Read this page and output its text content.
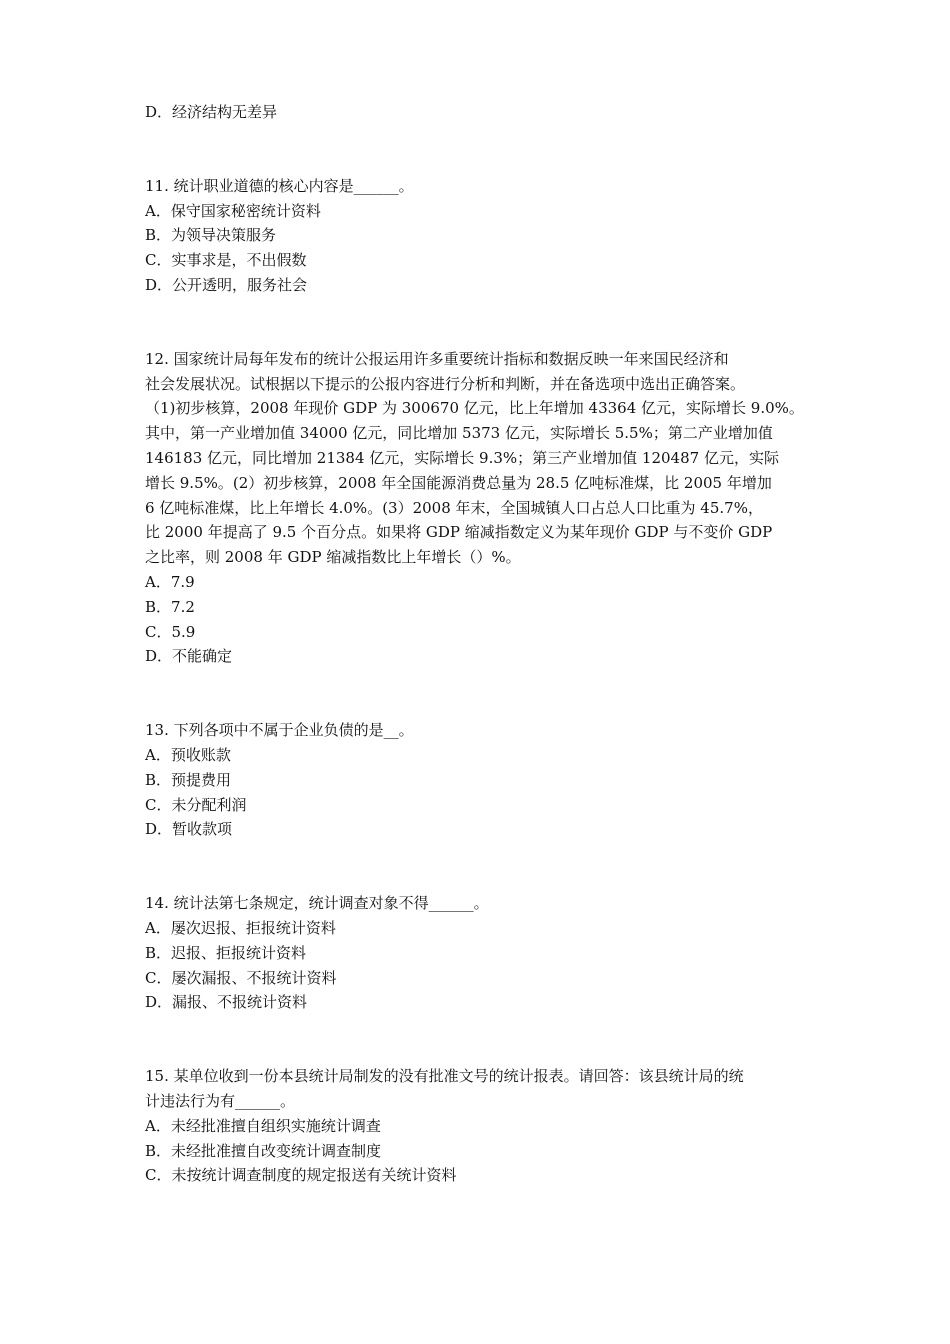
D．经济结构无差异
11. 统计职业道德的核心内容是______。
A．保守国家秘密统计资料
B．为领导决策服务
C．实事求是，不出假数
D．公开透明，服务社会
12. 国家统计局每年发布的统计公报运用许多重要统计指标和数据反映一年来国民经济和
社会发展状况。试根据以下提示的公报内容进行分析和判断，并在备选项中选出正确答案。
（1)初步核算，2008 年现价 GDP 为 300670 亿元，比上年增加 43364 亿元，实际增长 9.0%。
其中，第一产业增加值 34000 亿元，同比增加 5373 亿元，实际增长 5.5%；第二产业增加值
146183 亿元，同比增加 21384 亿元，实际增长 9.3%；第三产业增加值 120487 亿元，实际
增长 9.5%。(2）初步核算，2008 年全国能源消费总量为 28.5 亿吨标准煤，比 2005 年增加
6 亿吨标准煤，比上年增长 4.0%。(3）2008 年末，全国城镇人口占总人口比重为 45.7%，
比 2000 年提高了 9.5 个百分点。如果将 GDP 缩减指数定义为某年现价 GDP 与不变价 GDP
之比率，则 2008 年 GDP 缩减指数比上年增长（）%。
A．7.9
B．7.2
C．5.9
D．不能确定
13. 下列各项中不属于企业负债的是__。
A．预收账款
B．预提费用
C．未分配利润
D．暂收款项
14. 统计法第七条规定，统计调查对象不得______。
A．屡次迟报、拒报统计资料
B．迟报、拒报统计资料
C．屡次漏报、不报统计资料
D．漏报、不报统计资料
15. 某单位收到一份本县统计局制发的没有批准文号的统计报表。请回答：该县统计局的统
计违法行为有______。
A．未经批准擅自组织实施统计调查
B．未经批准擅自改变统计调查制度
C．未按统计调查制度的规定报送有关统计资料
